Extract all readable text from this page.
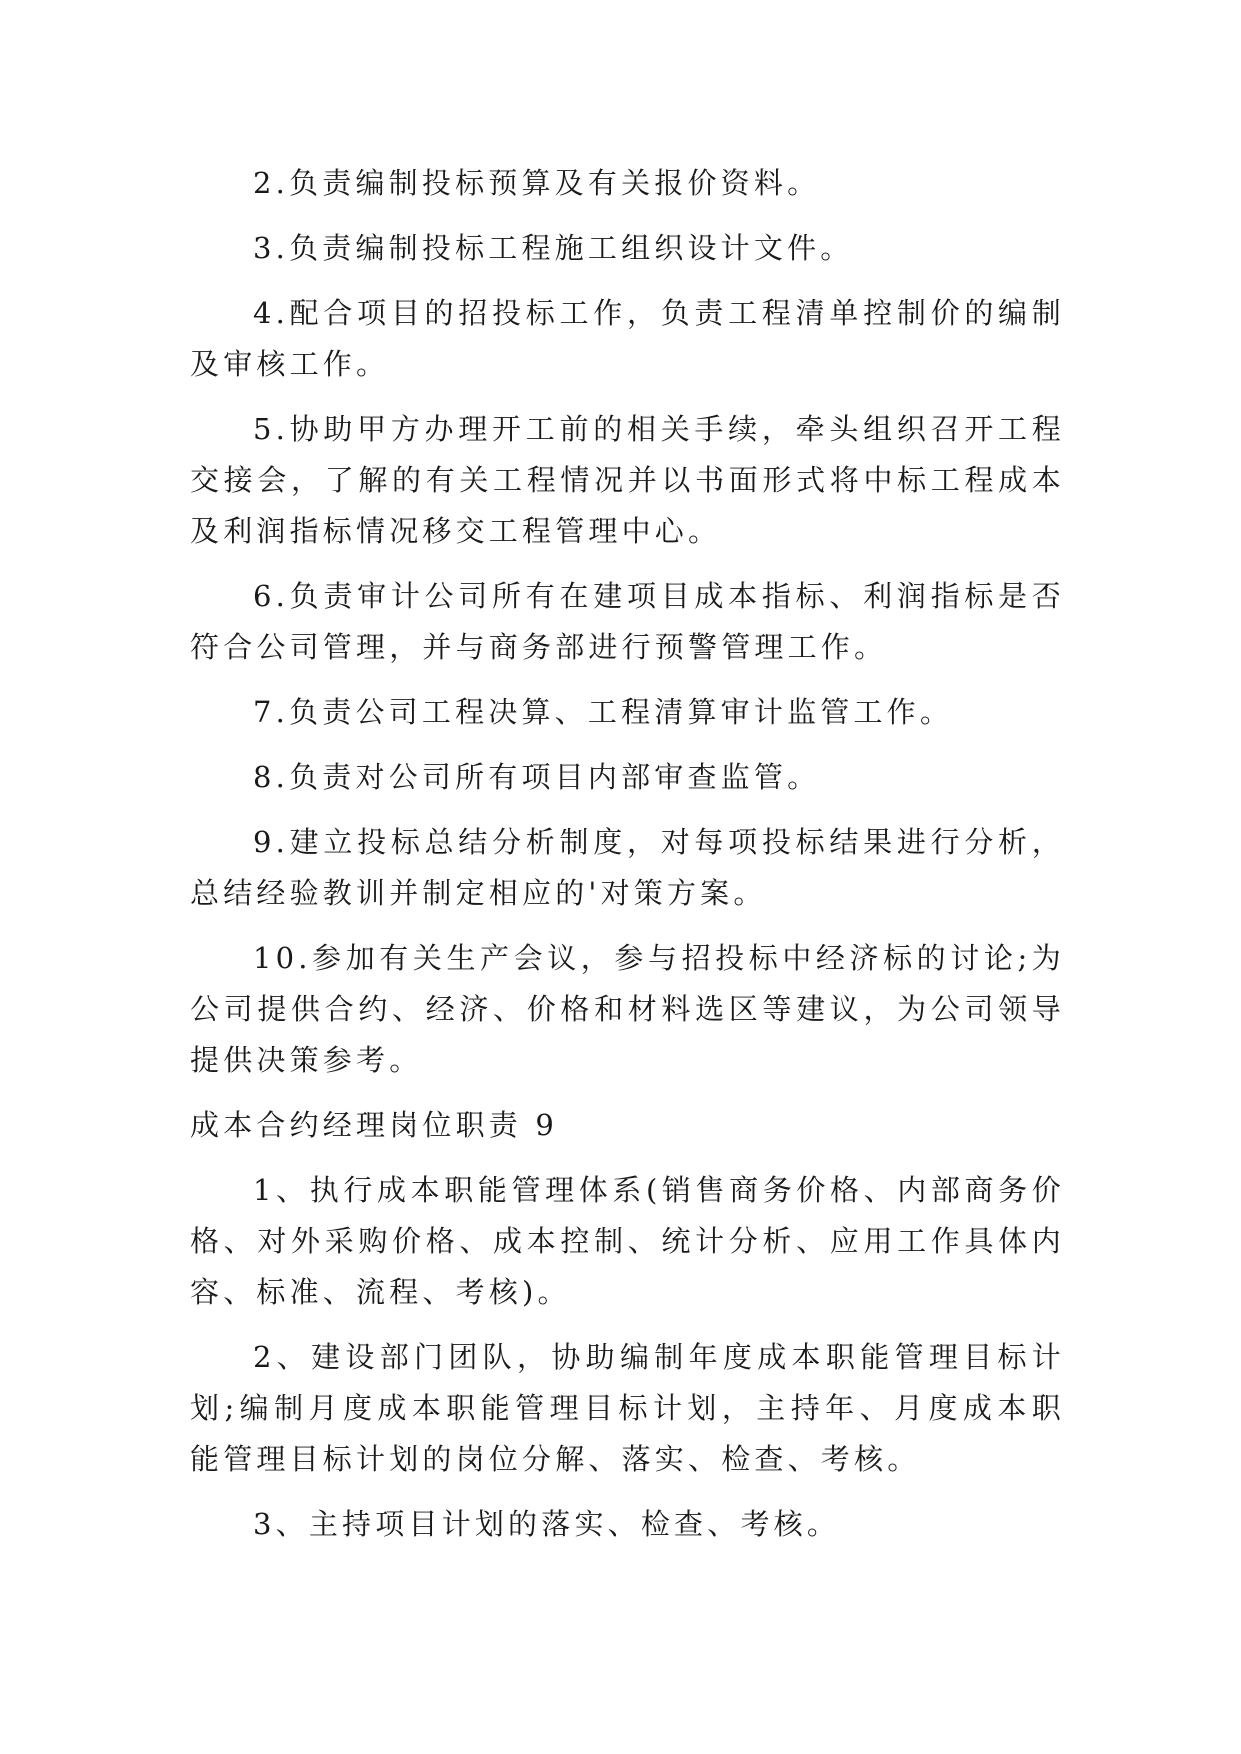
2.负责编制投标预算及有关报价资料。

3.负责编制投标工程施工组织设计文件。

4.配合项目的招投标工作，负责工程清单控制价的编制及审核工作。

5.协助甲方办理开工前的相关手续，牵头组织召开工程交接会，了解的有关工程情况并以书面形式将中标工程成本及利润指标情况移交工程管理中心。

6.负责审计公司所有在建项目成本指标、利润指标是否符合公司管理，并与商务部进行预警管理工作。

7.负责公司工程决算、工程清算审计监管工作。

8.负责对公司所有项目内部审查监管。

9.建立投标总结分析制度，对每项投标结果进行分析，总结经验教训并制定相应的'对策方案。

10.参加有关生产会议，参与招投标中经济标的讨论;为公司提供合约、经济、价格和材料选区等建议，为公司领导提供决策参考。

成本合约经理岗位职责 9

1、执行成本职能管理体系(销售商务价格、内部商务价格、对外采购价格、成本控制、统计分析、应用工作具体内容、标准、流程、考核)。

2、建设部门团队，协助编制年度成本职能管理目标计划;编制月度成本职能管理目标计划，主持年、月度成本职能管理目标计划的岗位分解、落实、检查、考核。

3、主持项目计划的落实、检查、考核。
